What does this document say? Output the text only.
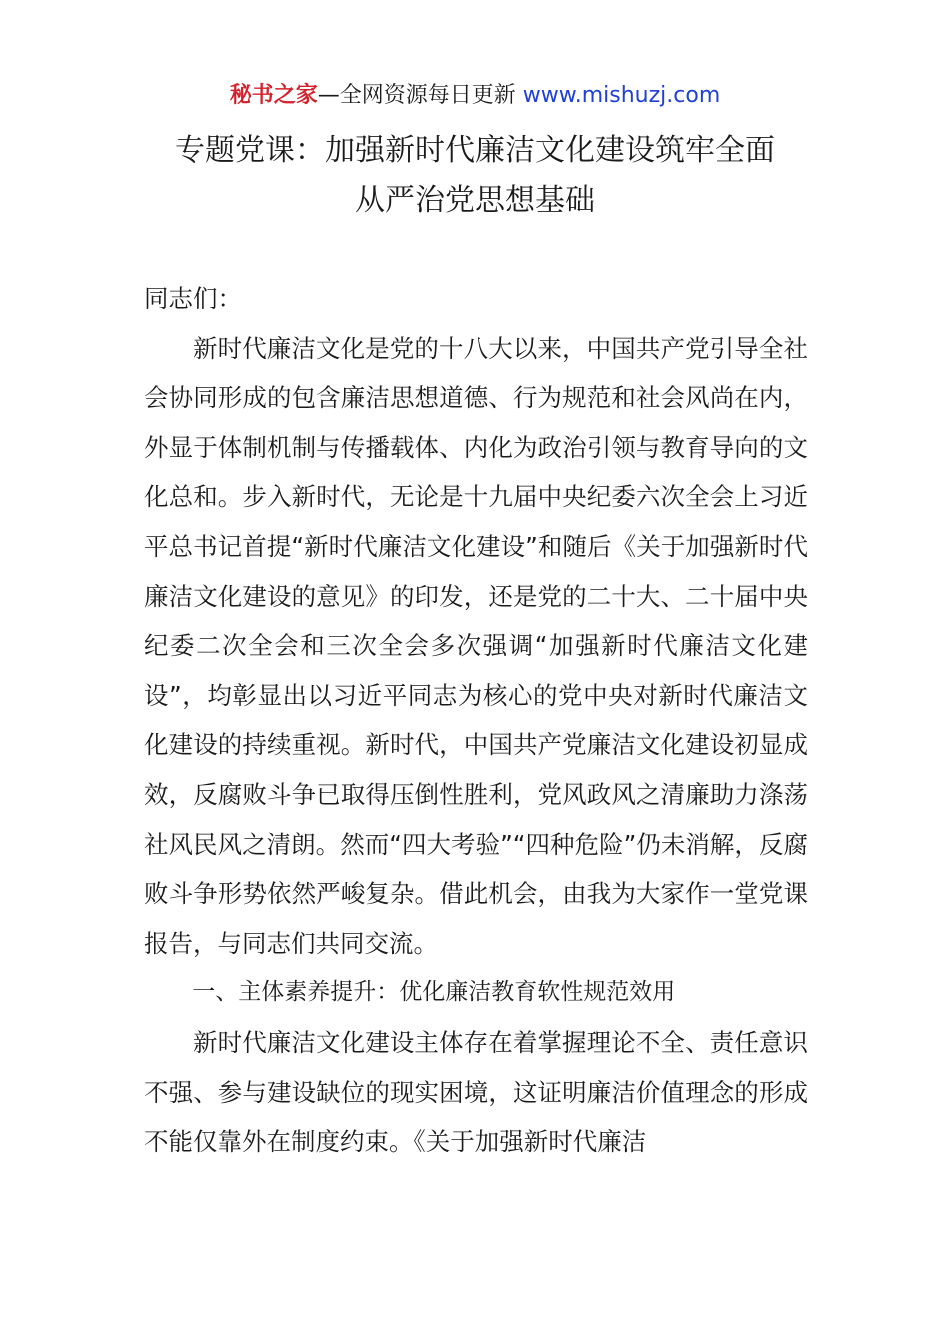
秘书之家—全网资源每日更新 www.mishuzj.com
专题党课：加强新时代廉洁文化建设筑牢全面
从严治党思想基础

同志们：

新时代廉洁文化是党的十八大以来，中国共产党引导全社会协同形成的包含廉洁思想道德、行为规范和社会风尚在内，外显于体制机制与传播载体、内化为政治引领与教育导向的文化总和。步入新时代，无论是十九届中央纪委六次全会上习近平总书记首提“新时代廉洁文化建设”和随后《关于加强新时代廉洁文化建设的意见》的印发，还是党的二十大、二十届中央纪委二次全会和三次全会多次强调“加强新时代廉洁文化建设”，均彰显出以习近平同志为核心的党中央对新时代廉洁文化建设的持续重视。新时代，中国共产党廉洁文化建设初显成效，反腐败斗争已取得压倒性胜利，党风政风之清廉助力涤荡社风民风之清朗。然而“四大考验”“四种危险”仍未消解，反腐败斗争形势依然严峻复杂。借此机会，由我为大家作一堂党课报告，与同志们共同交流。

一、主体素养提升：优化廉洁教育软性规范效用

新时代廉洁文化建设主体存在着掌握理论不全、责任意识不强、参与建设缺位的现实困境，这证明廉洁价值理念的形成不能仅靠外在制度约束。《关于加强新时代廉洁
